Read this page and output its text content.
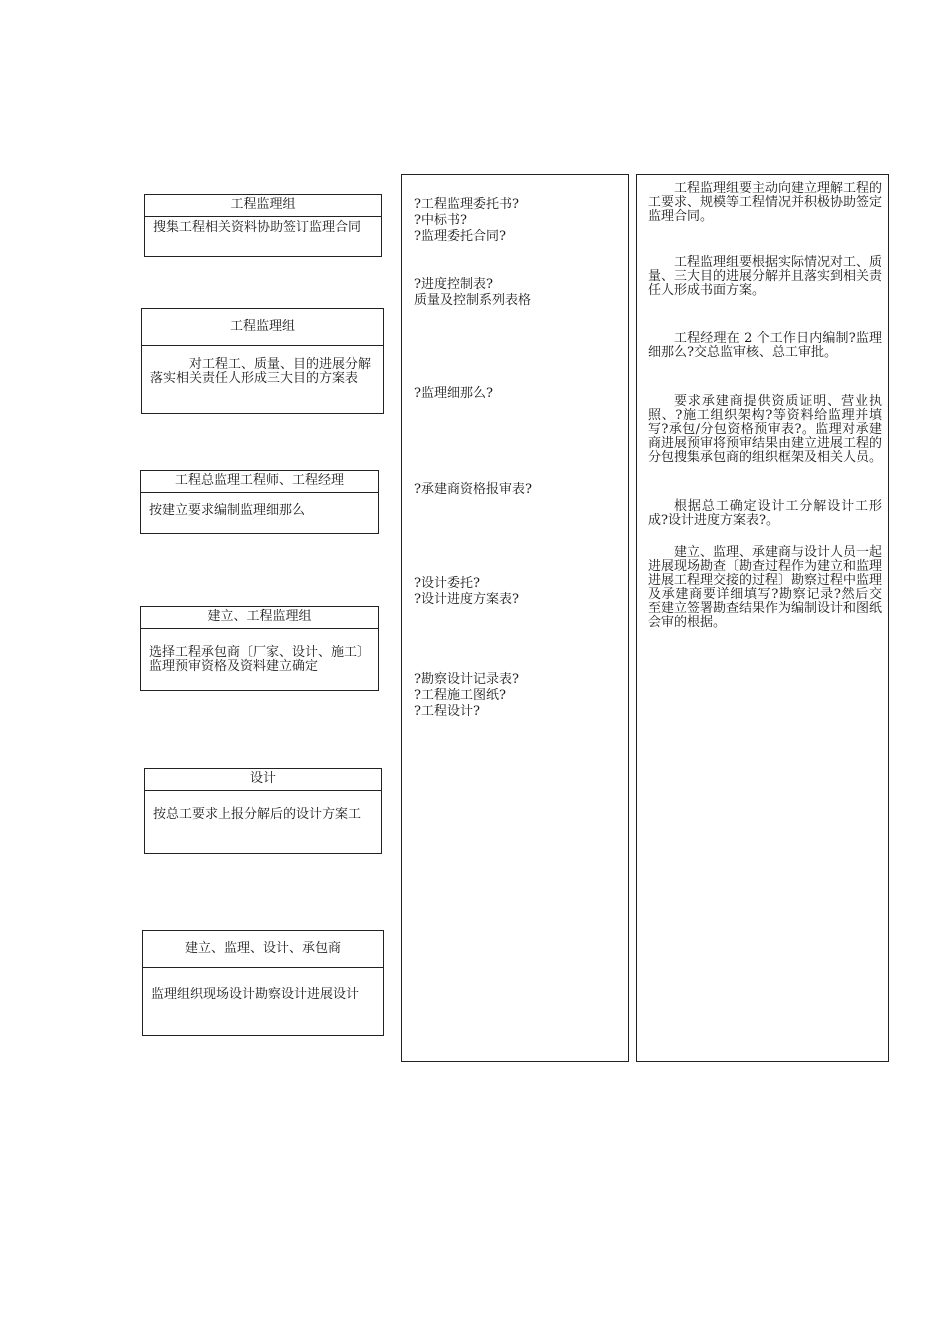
工程监理组
搜集工程相关资料协助签订监理合同
工程监理组
　　　对工程工、质量、目的进展分解落实相关责任人形成三大目的方案表
工程总监理工程师、工程经理
按建立要求编制监理细那么
建立、工程监理组
选择工程承包商〔厂家、设计、施工〕监理预审资格及资料建立确定
设计
按总工要求上报分解后的设计方案工
建立、监理、设计、承包商
监理组织现场设计勘察设计进展设计
?工程监理委托书?
?中标书?
?监理委托合同?
?进度控制表?
质量及控制系列表格
?监理细那么?
?承建商资格报审表?
?设计委托?
?设计进度方案表?
?勘察设计记录表?
?工程施工图纸?
?工程设计?
工程监理组要主动向建立理解工程的工要求、规模等工程情况并积极协助签定监理合同。
工程监理组要根据实际情况对工、质量、三大目的进展分解并且落实到相关责任人形成书面方案。
工程经理在 2 个工作日内编制?监理细那么?交总监审核、总工审批。
要求承建商提供资质证明、营业执照、?施工组织架构?等资料给监理并填写?承包/分包资格预审表?。监理对承建商进展预审将预审结果由建立进展工程的分包搜集承包商的组织框架及相关人员。
根据总工确定设计工分解设计工形成?设计进度方案表?。
建立、监理、承建商与设计人员一起进展现场勘查〔勘查过程作为建立和监理进展工程理交接的过程〕勘察过程中监理及承建商要详细填写?勘察记录?然后交至建立签署勘查结果作为编制设计和图纸会审的根据。
